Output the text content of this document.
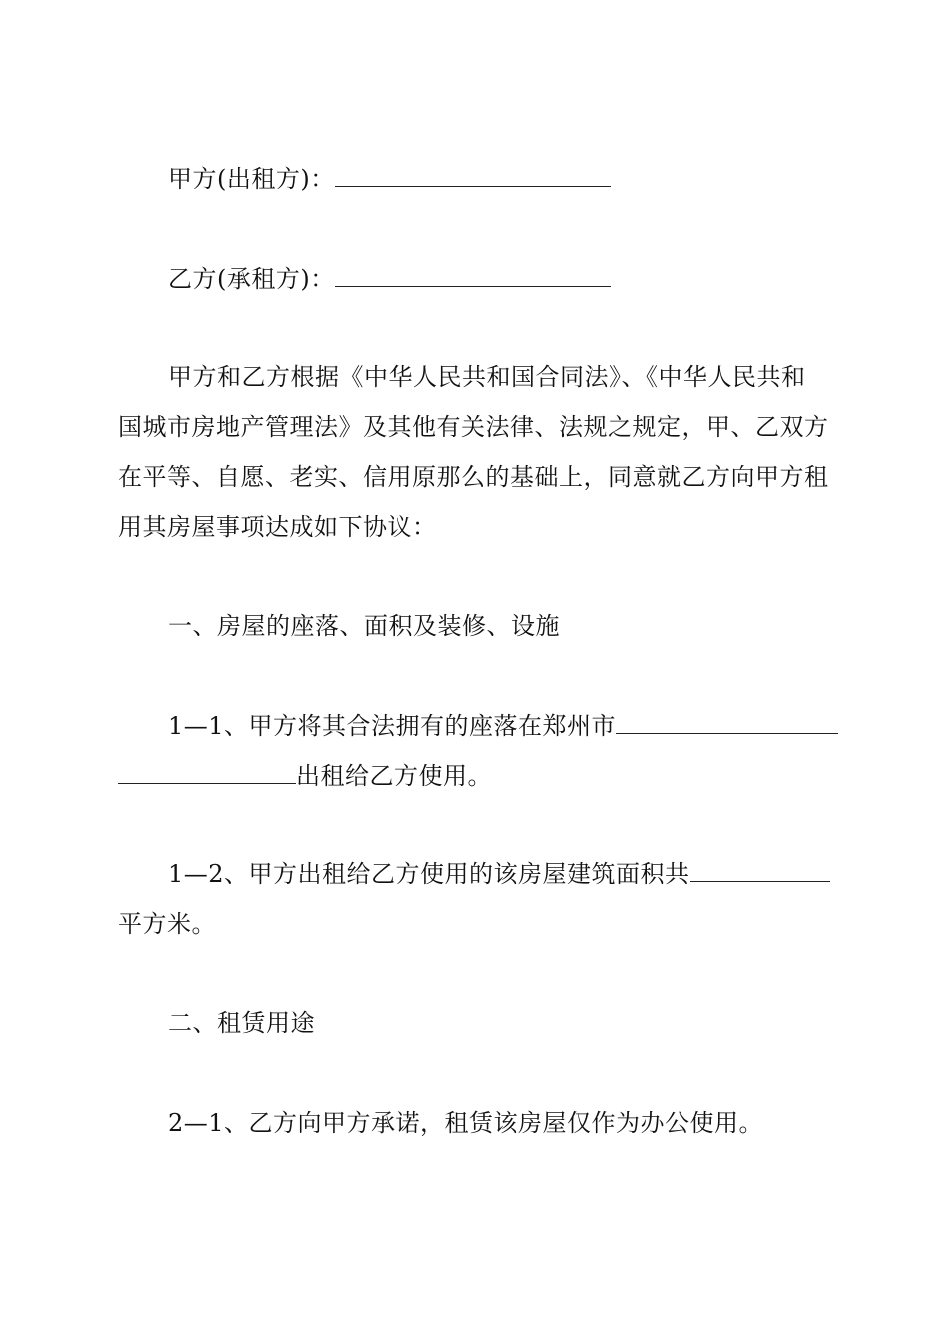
甲方(出租方)：
乙方(承租方)：
甲方和乙方根据《中华人民共和国合同法》、《中华人民共和
国城市房地产管理法》及其他有关法律、法规之规定，甲、乙双方
在平等、自愿、老实、信用原那么的基础上，同意就乙方向甲方租
用其房屋事项达成如下协议：
一、房屋的座落、面积及装修、设施
1—1、甲方将其合法拥有的座落在郑州市
出租给乙方使用。
1—2、甲方出租给乙方使用的该房屋建筑面积共
平方米。
二、租赁用途
2—1、乙方向甲方承诺，租赁该房屋仅作为办公使用。
